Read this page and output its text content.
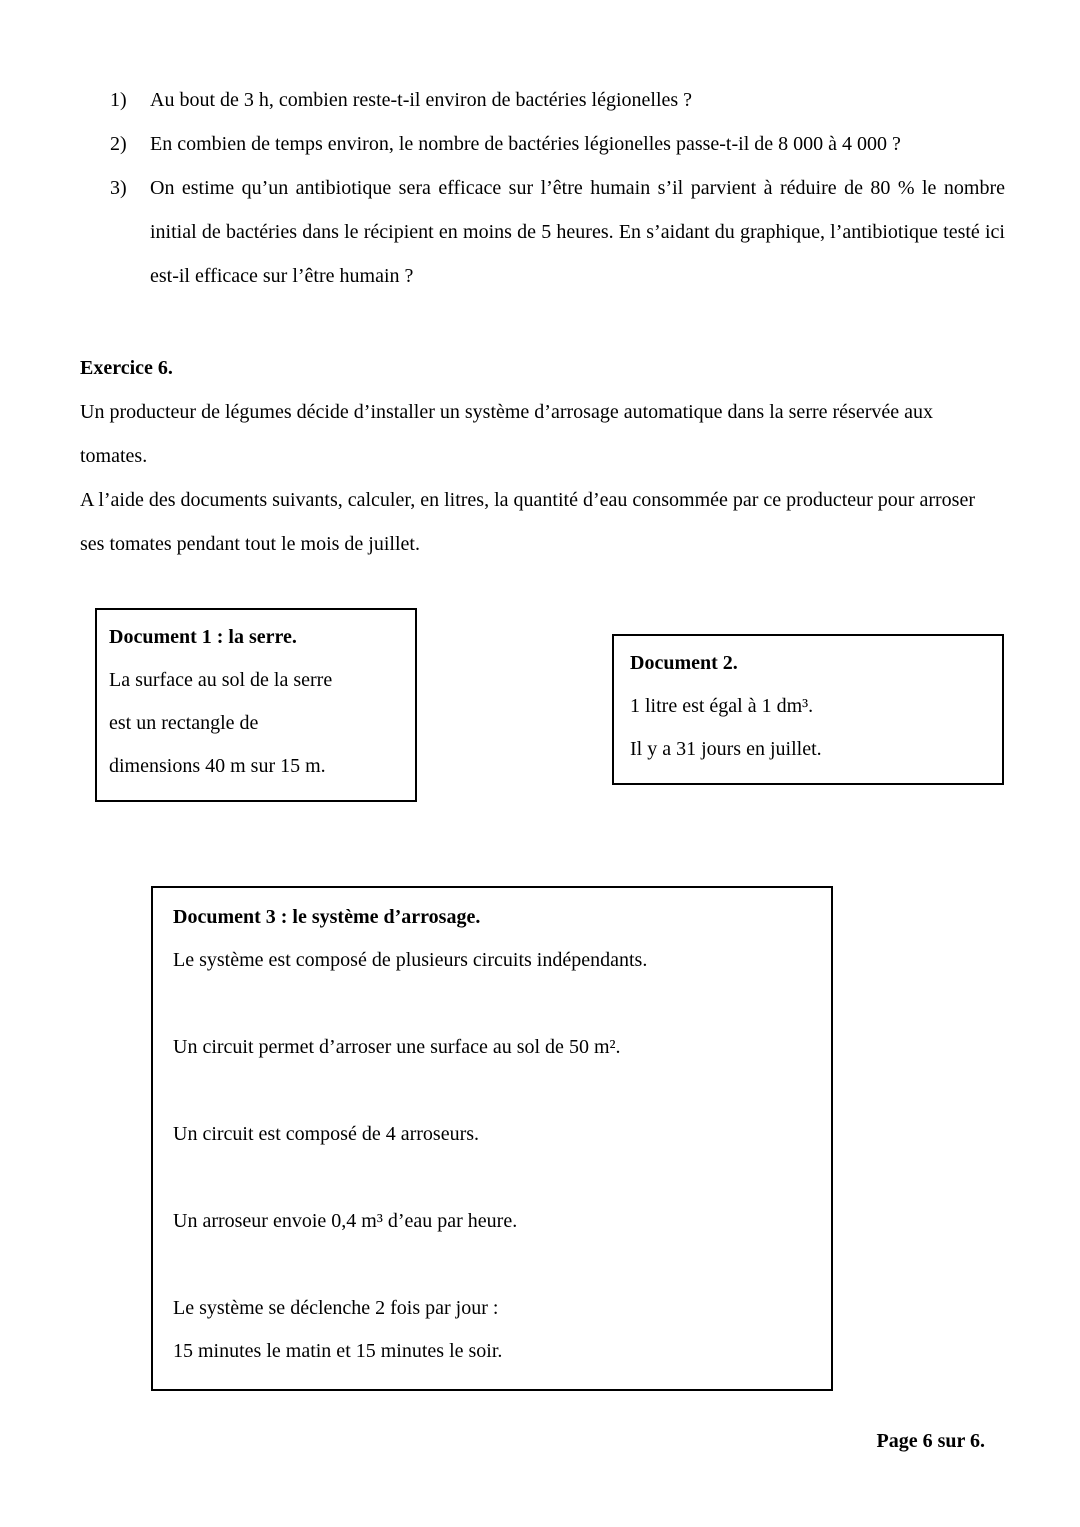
1)	Au bout de 3 h, combien reste-t-il environ de bactéries légionelles ?
2)	En combien de temps environ, le nombre de bactéries légionelles passe-t-il de 8 000 à 4 000 ?
3)	On estime qu’un antibiotique sera efficace sur l’être humain s’il parvient à réduire de 80 % le nombre initial de bactéries dans le récipient en moins de 5 heures. En s’aidant du graphique, l’antibiotique testé ici est-il efficace sur l’être humain ?
Exercice 6.

Un producteur de légumes décide d’installer un système d’arrosage automatique dans la serre réservée aux tomates.

A l’aide des documents suivants, calculer, en litres, la quantité d’eau consommée par ce producteur pour arroser ses tomates pendant tout le mois de juillet.

Document 1 : la serre.
La surface au sol de la serre
est un rectangle de
dimensions 40 m sur 15 m.
Document 2.
1 litre est égal à 1 dm³.
Il y a 31 jours en juillet.
Document 3 : le système d’arrosage.

Le système est composé de plusieurs circuits indépendants.

Un circuit permet d’arroser une surface au sol de 50 m².

Un circuit est composé de 4 arroseurs.

Un arroseur envoie 0,4 m³ d’eau par heure.

Le système se déclenche 2 fois par jour :

15 minutes le matin et 15 minutes le soir.

Page 6 sur 6.
